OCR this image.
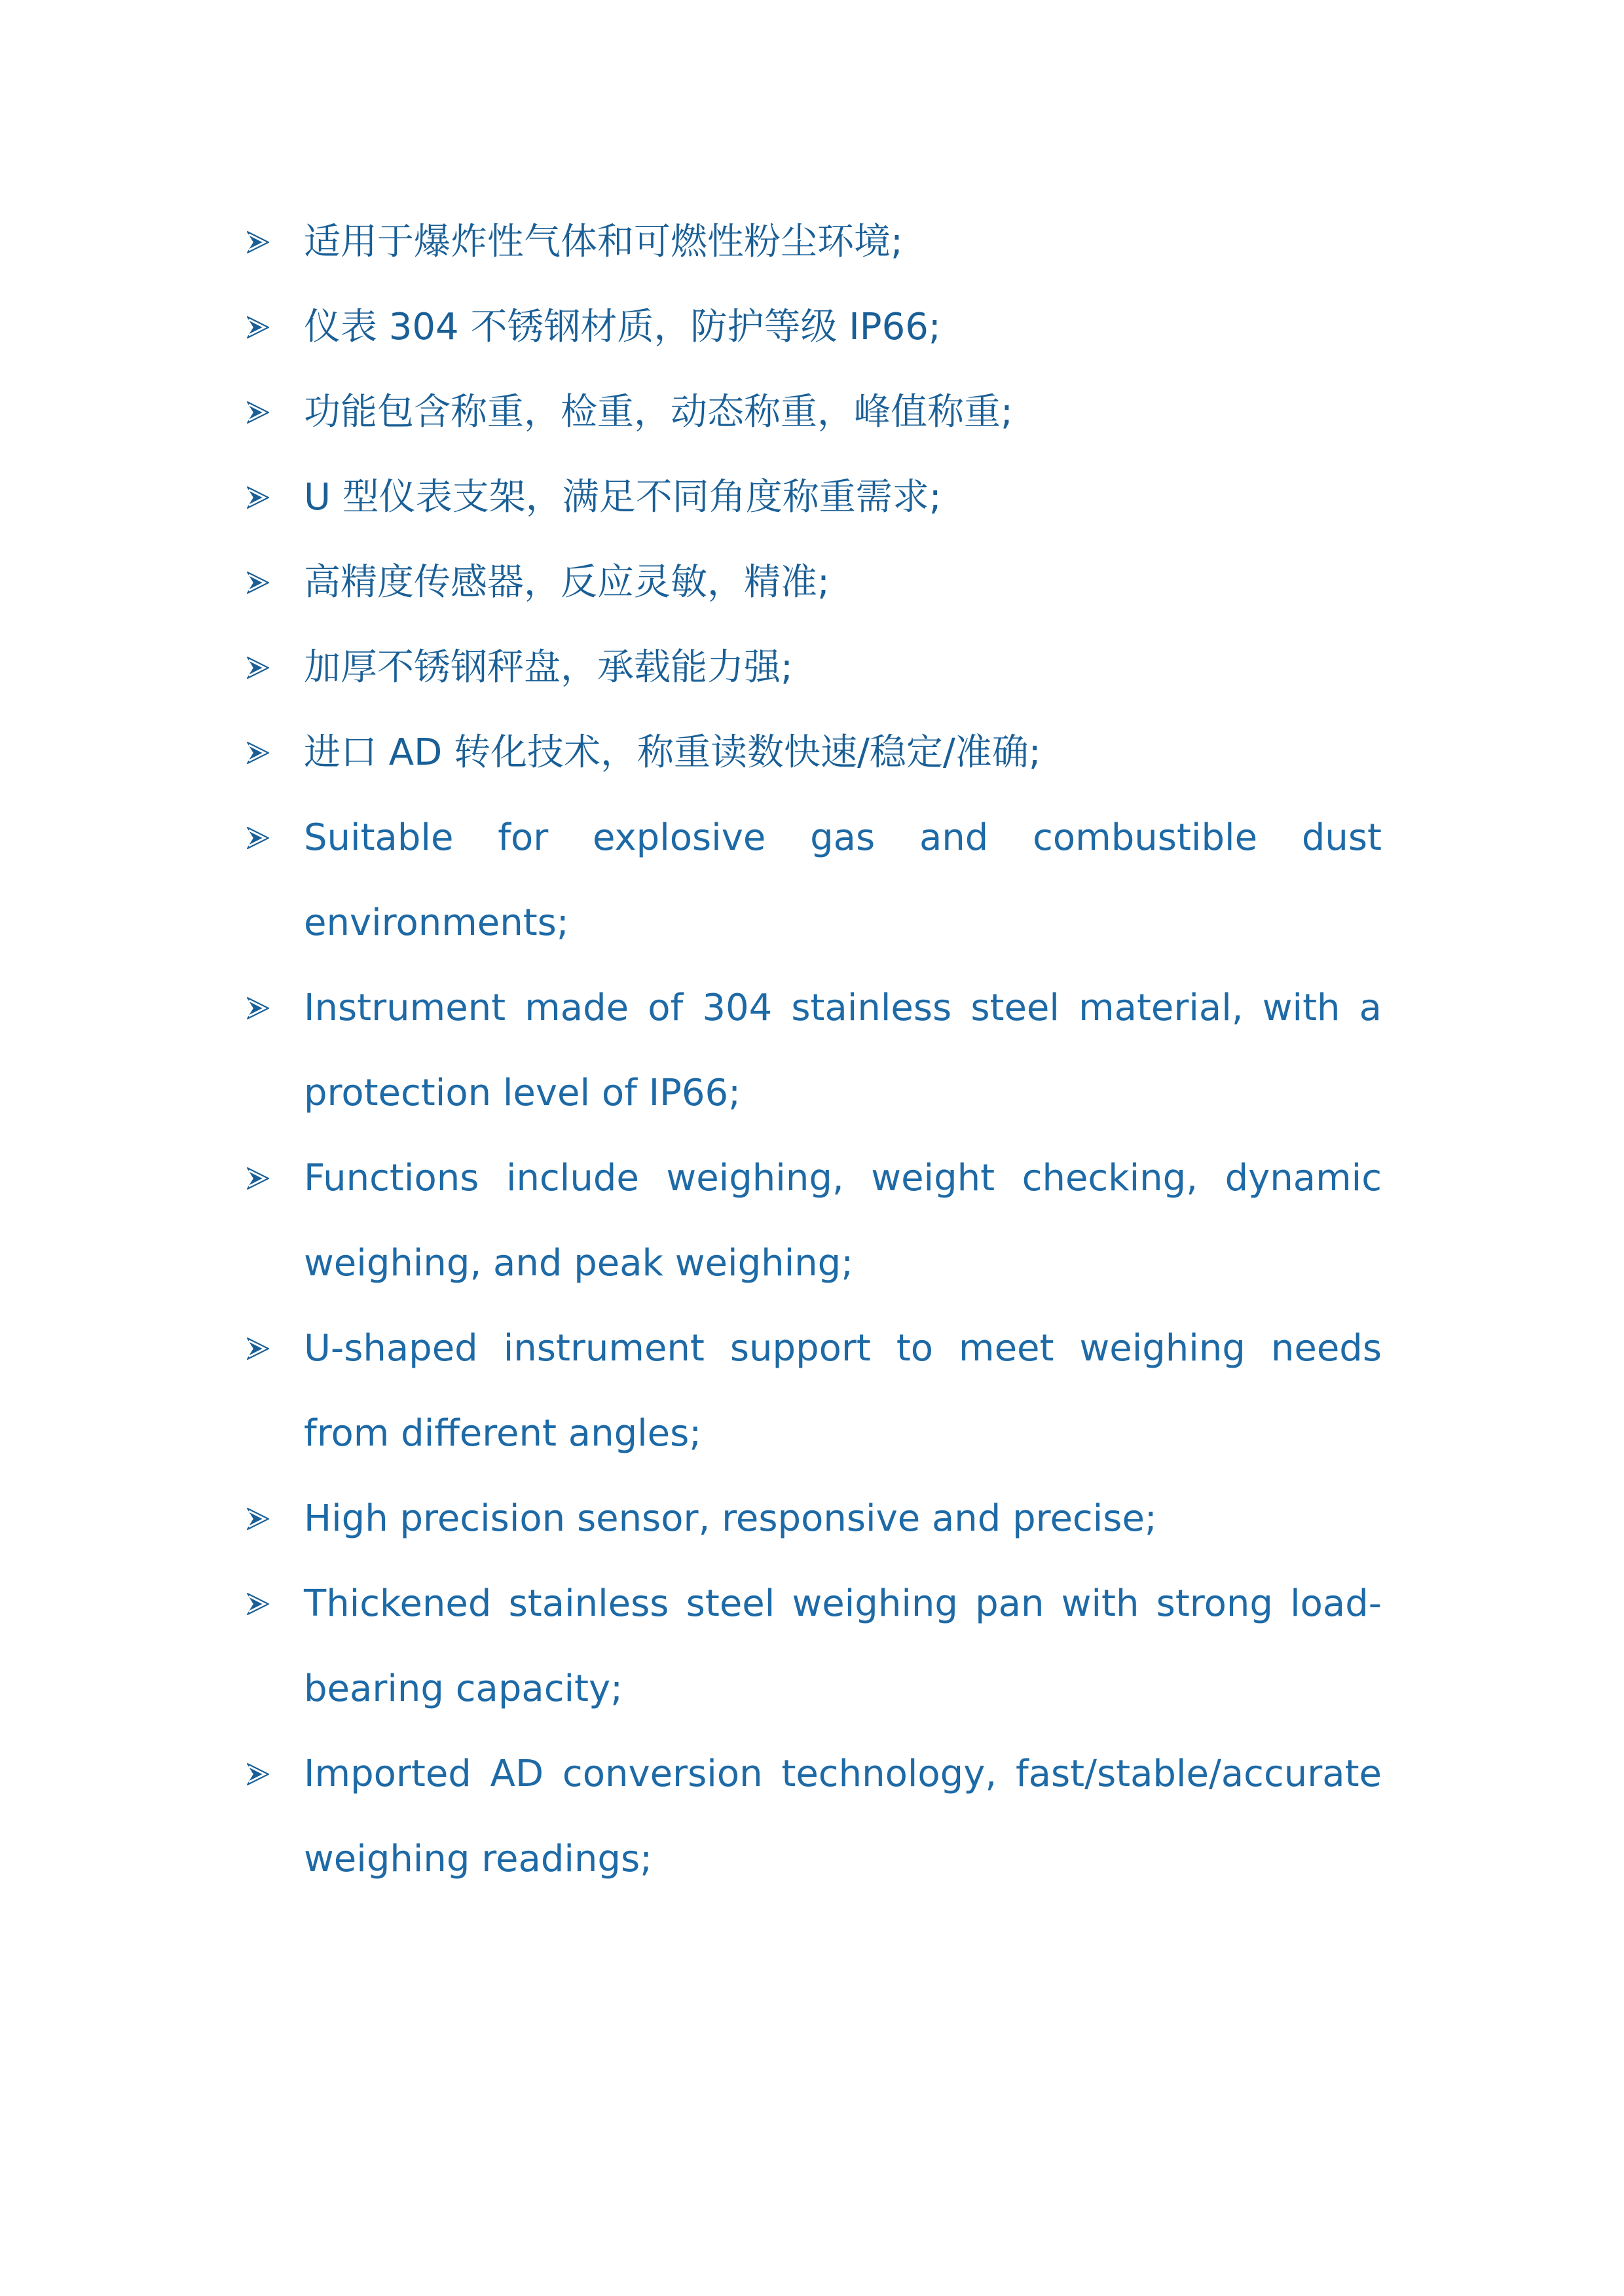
适用于爆炸性气体和可燃性粉尘环境;
仪表 304 不锈钢材质，防护等级 IP66;
功能包含称重，检重，动态称重，峰值称重;
U 型仪表支架，满足不同角度称重需求;
高精度传感器，反应灵敏，精准;
加厚不锈钢秤盘，承载能力强;
进口 AD 转化技术，称重读数快速/稳定/准确;
Suitable for explosive gas and combustible dust environments;
Instrument made of 304 stainless steel material, with a protection level of IP66;
Functions include weighing, weight checking, dynamic weighing, and peak weighing;
U-shaped instrument support to meet weighing needs from different angles;
High precision sensor, responsive and precise;
Thickened stainless steel weighing pan with strong load-bearing capacity;
Imported AD conversion technology, fast/stable/accurate weighing readings;
